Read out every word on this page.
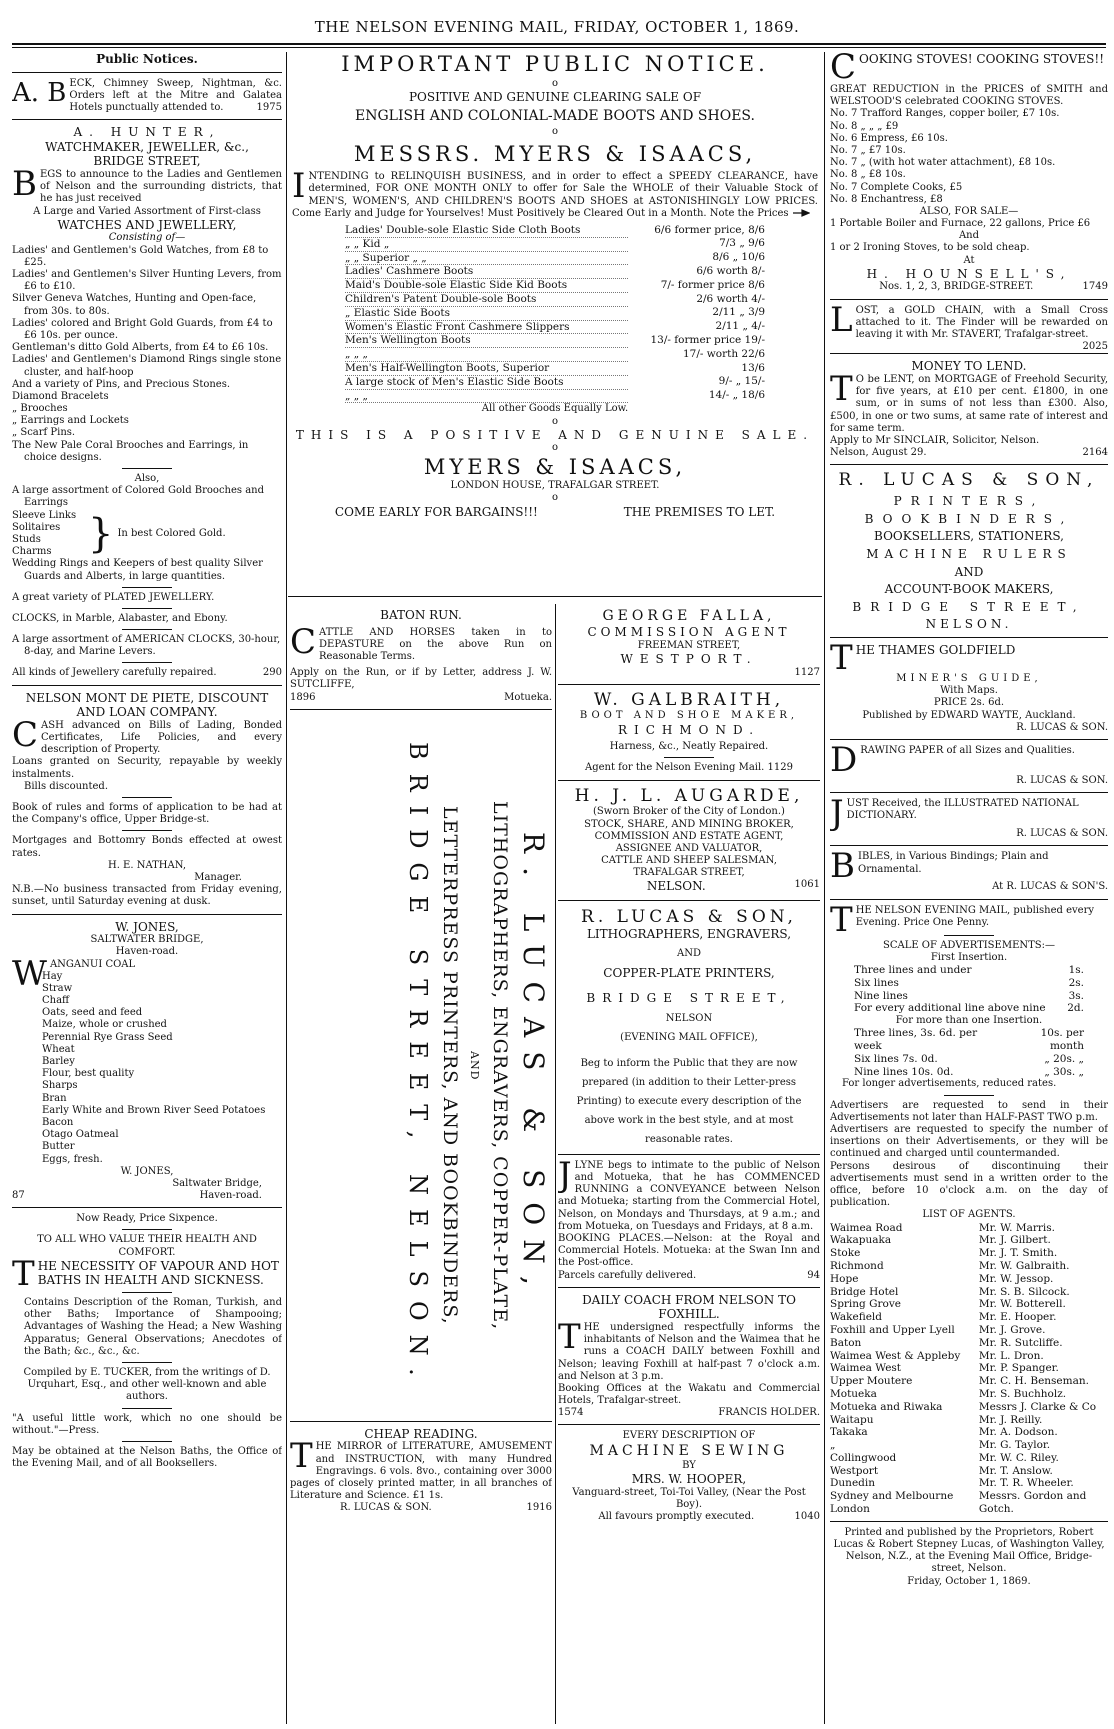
THE NELSON EVENING MAIL, FRIDAY, OCTOBER 1, 1869.
Public Notices.
A. B ECK, Chimney Sweep, Nightman, &c. Orders left at the Mitre and Galatea Hotels punctually attended to.	1975
A. HUNTER,
WATCHMAKER, JEWELLER, &c.,
BRIDGE STREET,
BEGS to announce to the Ladies and Gentlemen of Nelson and the surrounding districts, that he has just received
A Large and Varied Assortment of First-class
WATCHES AND JEWELLERY,
Consisting of—
Ladies' and Gentlemen's Gold Watches, from £8 to £25.
Ladies' and Gentlemen's Silver Hunting Levers, from £6 to £10.
Silver Geneva Watches, Hunting and Open-face, from 30s. to 80s.
Ladies' colored and Bright Gold Guards, from £4 to £6 10s. per ounce.
Gentleman's ditto Gold Alberts, from £4 to £6 10s.
Ladies' and Gentlemen's Diamond Rings single stone cluster, and half-hoop
And a variety of Pins, and Precious Stones.
Diamond Bracelets
„ Brooches
„ Earrings and Lockets
„ Scarf Pins.
The New Pale Coral Brooches and Earrings, in choice designs.
Also,
A large assortment of Colored Gold Brooches and Earrings
Sleeve Links
Solitaires
Studs
Charms } In best Colored Gold.
Wedding Rings and Keepers of best quality Silver Guards and Alberts, in large quantities.
A great variety of PLATED JEWELLERY.
CLOCKS, in Marble, Alabaster, and Ebony.
A large assortment of AMERICAN CLOCKS, 30-hour, 8-day, and Marine Levers.
All kinds of Jewellery carefully repaired.	290
NELSON MONT DE PIETE, DISCOUNT AND LOAN COMPANY.
CASH advanced on Bills of Lading, Bonded Certificates, Life Policies, and every description of Property.
Loans granted on Security, repayable by weekly instalments.
Bills discounted.
Book of rules and forms of application to be had at the Company's office, Upper Bridge-st.
Mortgages and Bottomry Bonds effected at owest rates.
H. E. NATHAN,
Manager.
N.B.—No business transacted from Friday evening, sunset, until Saturday evening at dusk.
W. JONES,
SALTWATER BRIDGE,
Haven-road.
WANGANUI COAL
Hay
Straw
Chaff
Oats, seed and feed
Maize, whole or crushed
Perennial Rye Grass Seed
Wheat
Barley
Flour, best quality
Sharps
Bran
Early White and Brown River Seed Potatoes
Bacon
Otago Oatmeal
Butter
Eggs, fresh.
W. JONES,
Saltwater Bridge,
87	Haven-road.
Now Ready, Price Sixpence.
TO ALL WHO VALUE THEIR HEALTH AND COMFORT.
THE NECESSITY OF VAPOUR AND HOT BATHS IN HEALTH AND SICKNESS.
Contains Description of the Roman, Turkish, and other Baths; Importance of Shampooing; Advantages of Washing the Head; a New Washing Apparatus; General Observations; Anecdotes of the Bath; &c., &c., &c.
Compiled by E. TUCKER, from the writings of D. Urquhart, Esq., and other well-known and able authors.
"A useful little work, which no one should be without."—Press.
May be obtained at the Nelson Baths, the Office of the Evening Mail, and of all Booksellers.
IMPORTANT PUBLIC NOTICE.
o
POSITIVE AND GENUINE CLEARING SALE OF
ENGLISH AND COLONIAL-MADE BOOTS AND SHOES.
o
MESSRS. MYERS & ISAACS,
INTENDING to RELINQUISH BUSINESS, and in order to effect a SPEEDY CLEARANCE, have determined, FOR ONE MONTH ONLY to offer for Sale the WHOLE of their Valuable Stock of MEN'S, WOMEN'S, AND CHILDREN'S BOOTS AND SHOES at ASTONISHINGLY LOW PRICES. Come Early and Judge for Yourselves! Must Positively be Cleared Out in a Month. Note the Prices
Ladies' Double-sole Elastic Side Cloth Boots	6/6 former price, 8/6
„ „ Kid „	7/3 „ 9/6
„ „ Superior „ „	8/6 „ 10/6
Ladies' Cashmere Boots	6/6 worth 8/-
Maid's Double-sole Elastic Side Kid Boots	7/- former price 8/6
Children's Patent Double-sole Boots	2/6 worth 4/-
„ Elastic Side Boots	2/11 „ 3/9
Women's Elastic Front Cashmere Slippers	2/11 „ 4/-
Men's Wellington Boots	13/- former price 19/-
„ „ „	17/- worth 22/6
Men's Half-Wellington Boots, Superior	13/6
A large stock of Men's Elastic Side Boots	9/- „ 15/-
„ „ „	14/- „ 18/6
All other Goods Equally Low.
o
THIS IS A POSITIVE AND GENUINE SALE.
o
MYERS & ISAACS,
LONDON HOUSE, TRAFALGAR STREET.
o
COME EARLY FOR BARGAINS!!!	THE PREMISES TO LET.
BATON RUN.
CATTLE AND HORSES taken in to DEPASTURE on the above Run on Reasonable Terms.
Apply on the Run, or if by Letter, address J. W. SUTCLIFFE,
1896	Motueka.
R. LUCAS & SON,
LITHOGRAPHERS, ENGRAVERS, COPPER-PLATE,
AND
LETTERPRESS PRINTERS, AND BOOKBINDERS,
BRIDGE STREET, NELSON.
CHEAP READING.
THE MIRROR of LITERATURE, AMUSEMENT and INSTRUCTION, with many Hundred Engravings. 6 vols. 8vo., containing over 3000 pages of closely printed matter, in all branches of Literature and Science. £1 1s.
R. LUCAS & SON.	1916
GEORGE FALLA,
COMMISSION AGENT
FREEMAN STREET,
WESTPORT.
1127
W. GALBRAITH,
BOOT AND SHOE MAKER,
RICHMOND.
Harness, &c., Neatly Repaired.
Agent for the Nelson Evening Mail. 1129
H. J. L. AUGARDE,
(Sworn Broker of the City of London.)
STOCK, SHARE, AND MINING BROKER,
COMMISSION AND ESTATE AGENT,
ASSIGNEE AND VALUATOR,
CATTLE AND SHEEP SALESMAN,
TRAFALGAR STREET,
NELSON.	1061
R. LUCAS & SON,
LITHOGRAPHERS, ENGRAVERS,
AND
COPPER-PLATE PRINTERS,
BRIDGE STREET,
NELSON
(EVENING MAIL OFFICE),
Beg to inform the Public that they are now prepared (in addition to their Letter-press Printing) to execute every description of the above work in the best style, and at most reasonable rates.
JLYNE begs to intimate to the public of Nelson and Motueka, that he has COMMENCED RUNNING a CONVEYANCE between Nelson and Motueka; starting from the Commercial Hotel, Nelson, on Mondays and Thursdays, at 9 a.m.; and from Motueka, on Tuesdays and Fridays, at 8 a.m.
BOOKING PLACES.—Nelson: at the Royal and Commercial Hotels. Motueka: at the Swan Inn and the Post-office.
Parcels carefully delivered.	94
DAILY COACH FROM NELSON TO FOXHILL.
THE undersigned respectfully informs the inhabitants of Nelson and the Waimea that he runs a COACH DAILY between Foxhill and Nelson; leaving Foxhill at half-past 7 o'clock a.m. and Nelson at 3 p.m.
Booking Offices at the Wakatu and Commercial Hotels, Trafalgar-street.
1574	FRANCIS HOLDER.
EVERY DESCRIPTION OF
MACHINE SEWING
BY
MRS. W. HOOPER,
Vanguard-street, Toi-Toi Valley, (Near the Post Boy).
All favours promptly executed.	1040
COOKING STOVES! COOKING STOVES!!
GREAT REDUCTION in the PRICES of SMITH and WELSTOOD'S celebrated COOKING STOVES.
No. 7 Trafford Ranges, copper boiler, £7 10s.
No. 8 „ „ „ £9
No. 6 Empress, £6 10s.
No. 7 „ £7 10s.
No. 7 „ (with hot water attachment), £8 10s.
No. 8 „ £8 10s.
No. 7 Complete Cooks, £5
No. 8 Enchantress, £8
ALSO, FOR SALE—
1 Portable Boiler and Furnace, 22 gallons, Price £6
And
1 or 2 Ironing Stoves, to be sold cheap.
At
H. HOUNSELL'S,
Nos. 1, 2, 3, BRIDGE-STREET.	1749
LOST, a GOLD CHAIN, with a Small Cross attached to it. The Finder will be rewarded on leaving it with Mr. STAVERT, Trafalgar-street.
2025
MONEY TO LEND.
T O be LENT, on MORTGAGE of Freehold Security, for five years, at £10 per cent. £1800, in one sum, or in sums of not less than £300. Also, £500, in one or two sums, at same rate of interest and for same term.
Apply to Mr SINCLAIR, Solicitor, Nelson.
Nelson, August 29.	2164
R. LUCAS & SON,
PRINTERS,
BOOKBINDERS,
BOOKSELLERS, STATIONERS,
MACHINE RULERS
AND
ACCOUNT-BOOK MAKERS,
BRIDGE STREET,
NELSON.
THE THAMES GOLDFIELD
MINER'S GUIDE,
With Maps.
PRICE 2s. 6d.
Published by EDWARD WAYTE, Auckland.
R. LUCAS & SON.
DRAWING PAPER of all Sizes and Qualities.
R. LUCAS & SON.
JUST Received, the ILLUSTRATED NATIONAL DICTIONARY.
R. LUCAS & SON.
BIBLES, in Various Bindings; Plain and Ornamental.
At R. LUCAS & SON'S.
THE NELSON EVENING MAIL, published every Evening. Price One Penny.
SCALE OF ADVERTISEMENTS:—
First Insertion.
Three lines and under	1s.
Six lines	2s.
Nine lines	3s.
For every additional line above nine	2d.
For more than one Insertion.
Three lines, 3s. 6d. per week	10s. per month
Six lines 7s. 0d.	„ 20s. „
Nine lines 10s. 0d.	„ 30s. „
For longer advertisements, reduced rates.
Advertisers are requested to send in their Advertisements not later than HALF-PAST TWO p.m.
Advertisers are requested to specify the number of insertions on their Advertisements, or they will be continued and charged until countermanded.
Persons desirous of discontinuing their advertisements must send in a written order to the office, before 10 o'clock a.m. on the day of publication.
LIST OF AGENTS.
Waimea Road	Mr. W. Marris.
Wakapuaka	Mr. J. Gilbert.
Stoke	Mr. J. T. Smith.
Richmond	Mr. W. Galbraith.
Hope	Mr. W. Jessop.
Bridge Hotel	Mr. S. B. Silcock.
Spring Grove	Mr. W. Botterell.
Wakefield	Mr. E. Hooper.
Foxhill and Upper Lyell	Mr. J. Grove.
Baton	Mr. R. Sutcliffe.
Waimea West & Appleby	Mr. L. Dron.
Waimea West	Mr. P. Spanger.
Upper Moutere	Mr. C. H. Benseman.
Motueka	Mr. S. Buchholz.
Motueka and Riwaka	Messrs J. Clarke & Co
Waitapu	Mr. J. Reilly.
Takaka	Mr. A. Dodson.
„	Mr. G. Taylor.
Collingwood	Mr. W. C. Riley.
Westport	Mr. T. Anslow.
Dunedin	Mr. T. R. Wheeler.
Sydney and Melbourne	Messrs. Gordon and
London	Gotch.
Printed and published by the Proprietors, Robert Lucas & Robert Stepney Lucas, of Washington Valley, Nelson, N.Z., at the Evening Mail Office, Bridge-street, Nelson.
Friday, October 1, 1869.
